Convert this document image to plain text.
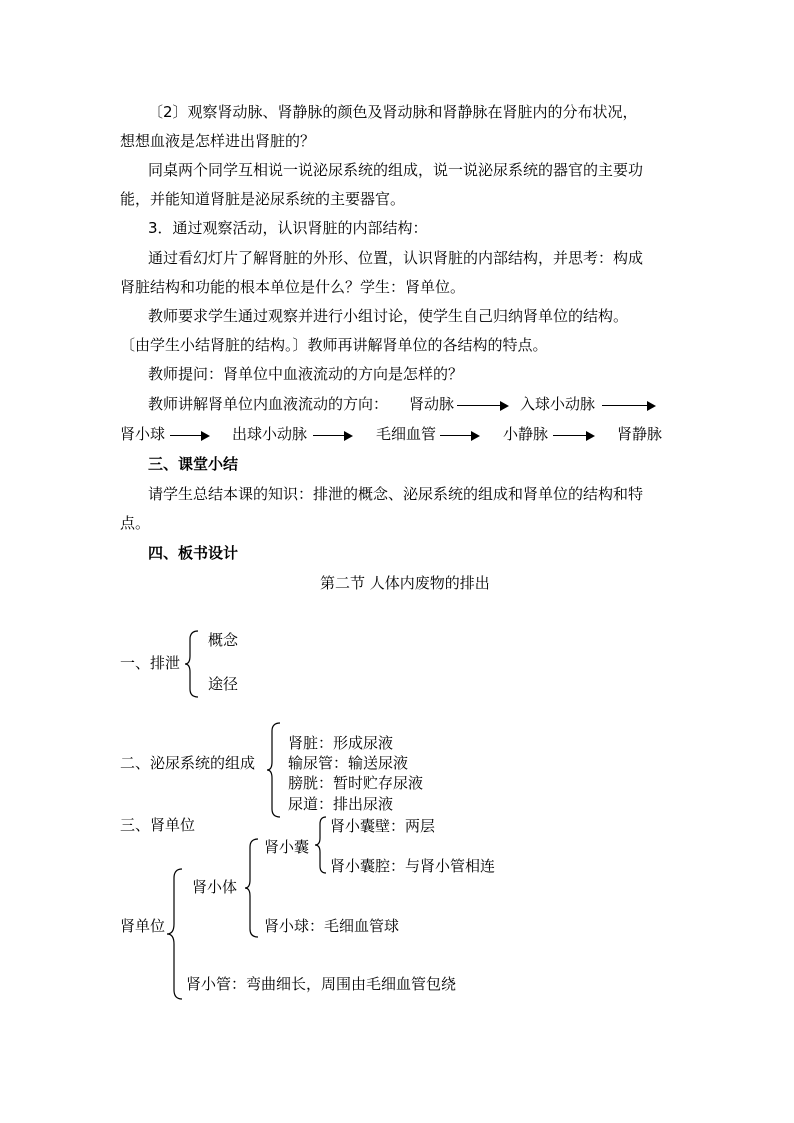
〔2〕观察肾动脉、肾静脉的颜色及肾动脉和肾静脉在肾脏内的分布状况，
想想血液是怎样进出肾脏的？
同桌两个同学互相说一说泌尿系统的组成，说一说泌尿系统的器官的主要功
能，并能知道肾脏是泌尿系统的主要器官。
3．通过观察活动，认识肾脏的内部结构：
通过看幻灯片了解肾脏的外形、位置，认识肾脏的内部结构，并思考：构成
肾脏结构和功能的根本单位是什么？学生：肾单位。
教师要求学生通过观察并进行小组讨论，使学生自己归纳肾单位的结构。
〔由学生小结肾脏的结构。〕教师再讲解肾单位的各结构的特点。
教师提问：肾单位中血液流动的方向是怎样的？
教师讲解肾单位内血液流动的方向： 肾动脉	入球小动脉
肾小球	出球小动脉	毛细血管	小静脉	肾静脉
三、课堂小结
请学生总结本课的知识：排泄的概念、泌尿系统的组成和肾单位的结构和特
点。
四、板书设计
第二节 人体内废物的排出
一、排泄
概念
途径
二、泌尿系统的组成
肾脏：形成尿液
输尿管：输送尿液
膀胱：暂时贮存尿液
尿道：排出尿液
三、肾单位
肾单位
肾小体
肾小管：弯曲细长，周围由毛细血管包绕
肾小囊
肾小球：毛细血管球
肾小囊壁：两层
肾小囊腔：与肾小管相连
